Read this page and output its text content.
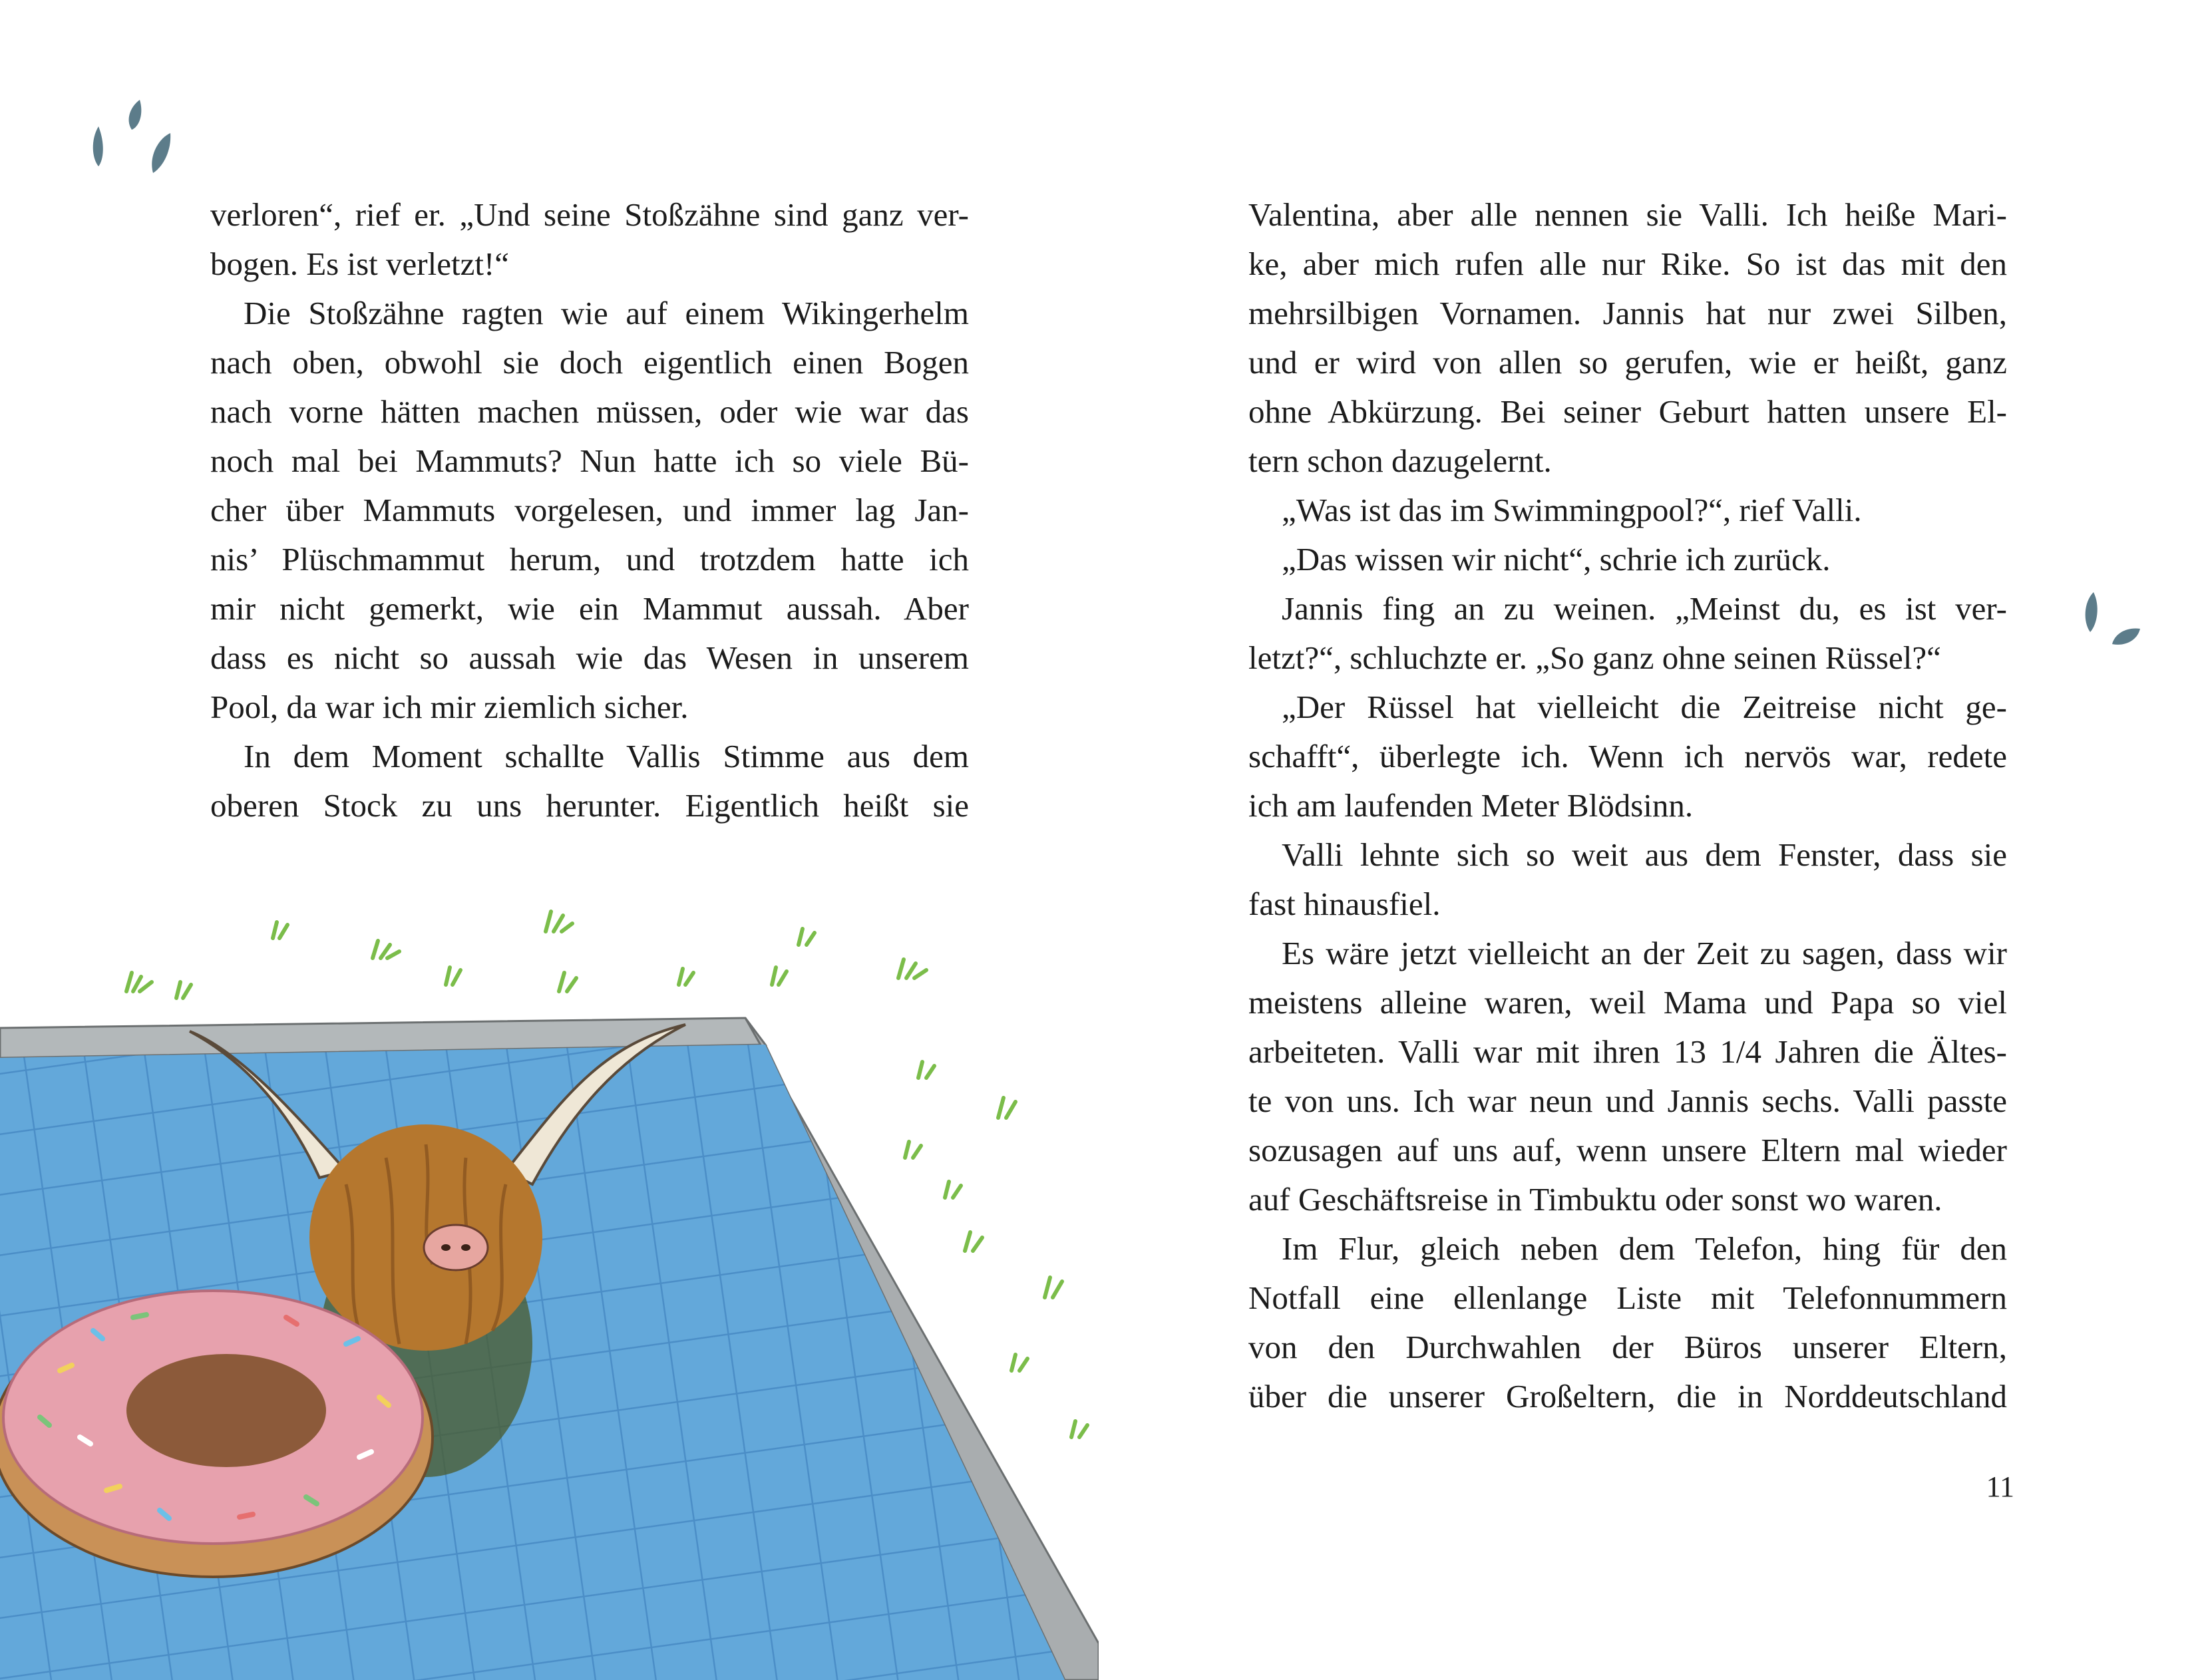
verloren“, rief er. „Und seine Stoßzähne sind ganz ver-
bogen. Es ist verletzt!“

Die Stoßzähne ragten wie auf einem Wikingerhelm
nach oben, obwohl sie doch eigentlich einen Bogen
nach vorne hätten machen müssen, oder wie war das
noch mal bei Mammuts? Nun hatte ich so viele Bü-
cher über Mammuts vorgelesen, und immer lag Jan-
nis’ Plüschmammut herum, und trotzdem hatte ich
mir nicht gemerkt, wie ein Mammut aussah. Aber
dass es nicht so aussah wie das Wesen in unserem
Pool, da war ich mir ziemlich sicher.

In dem Moment schallte Vallis Stimme aus dem
oberen Stock zu uns herunter. Eigentlich heißt sie

Valentina, aber alle nennen sie Valli. Ich heiße Mari-
ke, aber mich rufen alle nur Rike. So ist das mit den
mehrsilbigen Vornamen. Jannis hat nur zwei Silben,
und er wird von allen so gerufen, wie er heißt, ganz
ohne Abkürzung. Bei seiner Geburt hatten unsere El-
tern schon dazugelernt.

„Was ist das im Swimmingpool?“, rief Valli.

„Das wissen wir nicht“, schrie ich zurück.

Jannis fing an zu weinen. „Meinst du, es ist ver-
letzt?“, schluchzte er. „So ganz ohne seinen Rüssel?“

„Der Rüssel hat vielleicht die Zeitreise nicht ge-
schafft“, überlegte ich. Wenn ich nervös war, redete
ich am laufenden Meter Blödsinn.

Valli lehnte sich so weit aus dem Fenster, dass sie
fast hinausfiel.

Es wäre jetzt vielleicht an der Zeit zu sagen, dass wir
meistens alleine waren, weil Mama und Papa so viel
arbeiteten. Valli war mit ihren 13 1/4 Jahren die Ältes-
te von uns. Ich war neun und Jannis sechs. Valli passte
sozusagen auf uns auf, wenn unsere Eltern mal wieder
auf Geschäftsreise in Timbuktu oder sonst wo waren.

Im Flur, gleich neben dem Telefon, hing für den
Notfall eine ellenlange Liste mit Telefonnummern
von den Durchwahlen der Büros unserer Eltern,
über die unserer Großeltern, die in Norddeutschland

11
